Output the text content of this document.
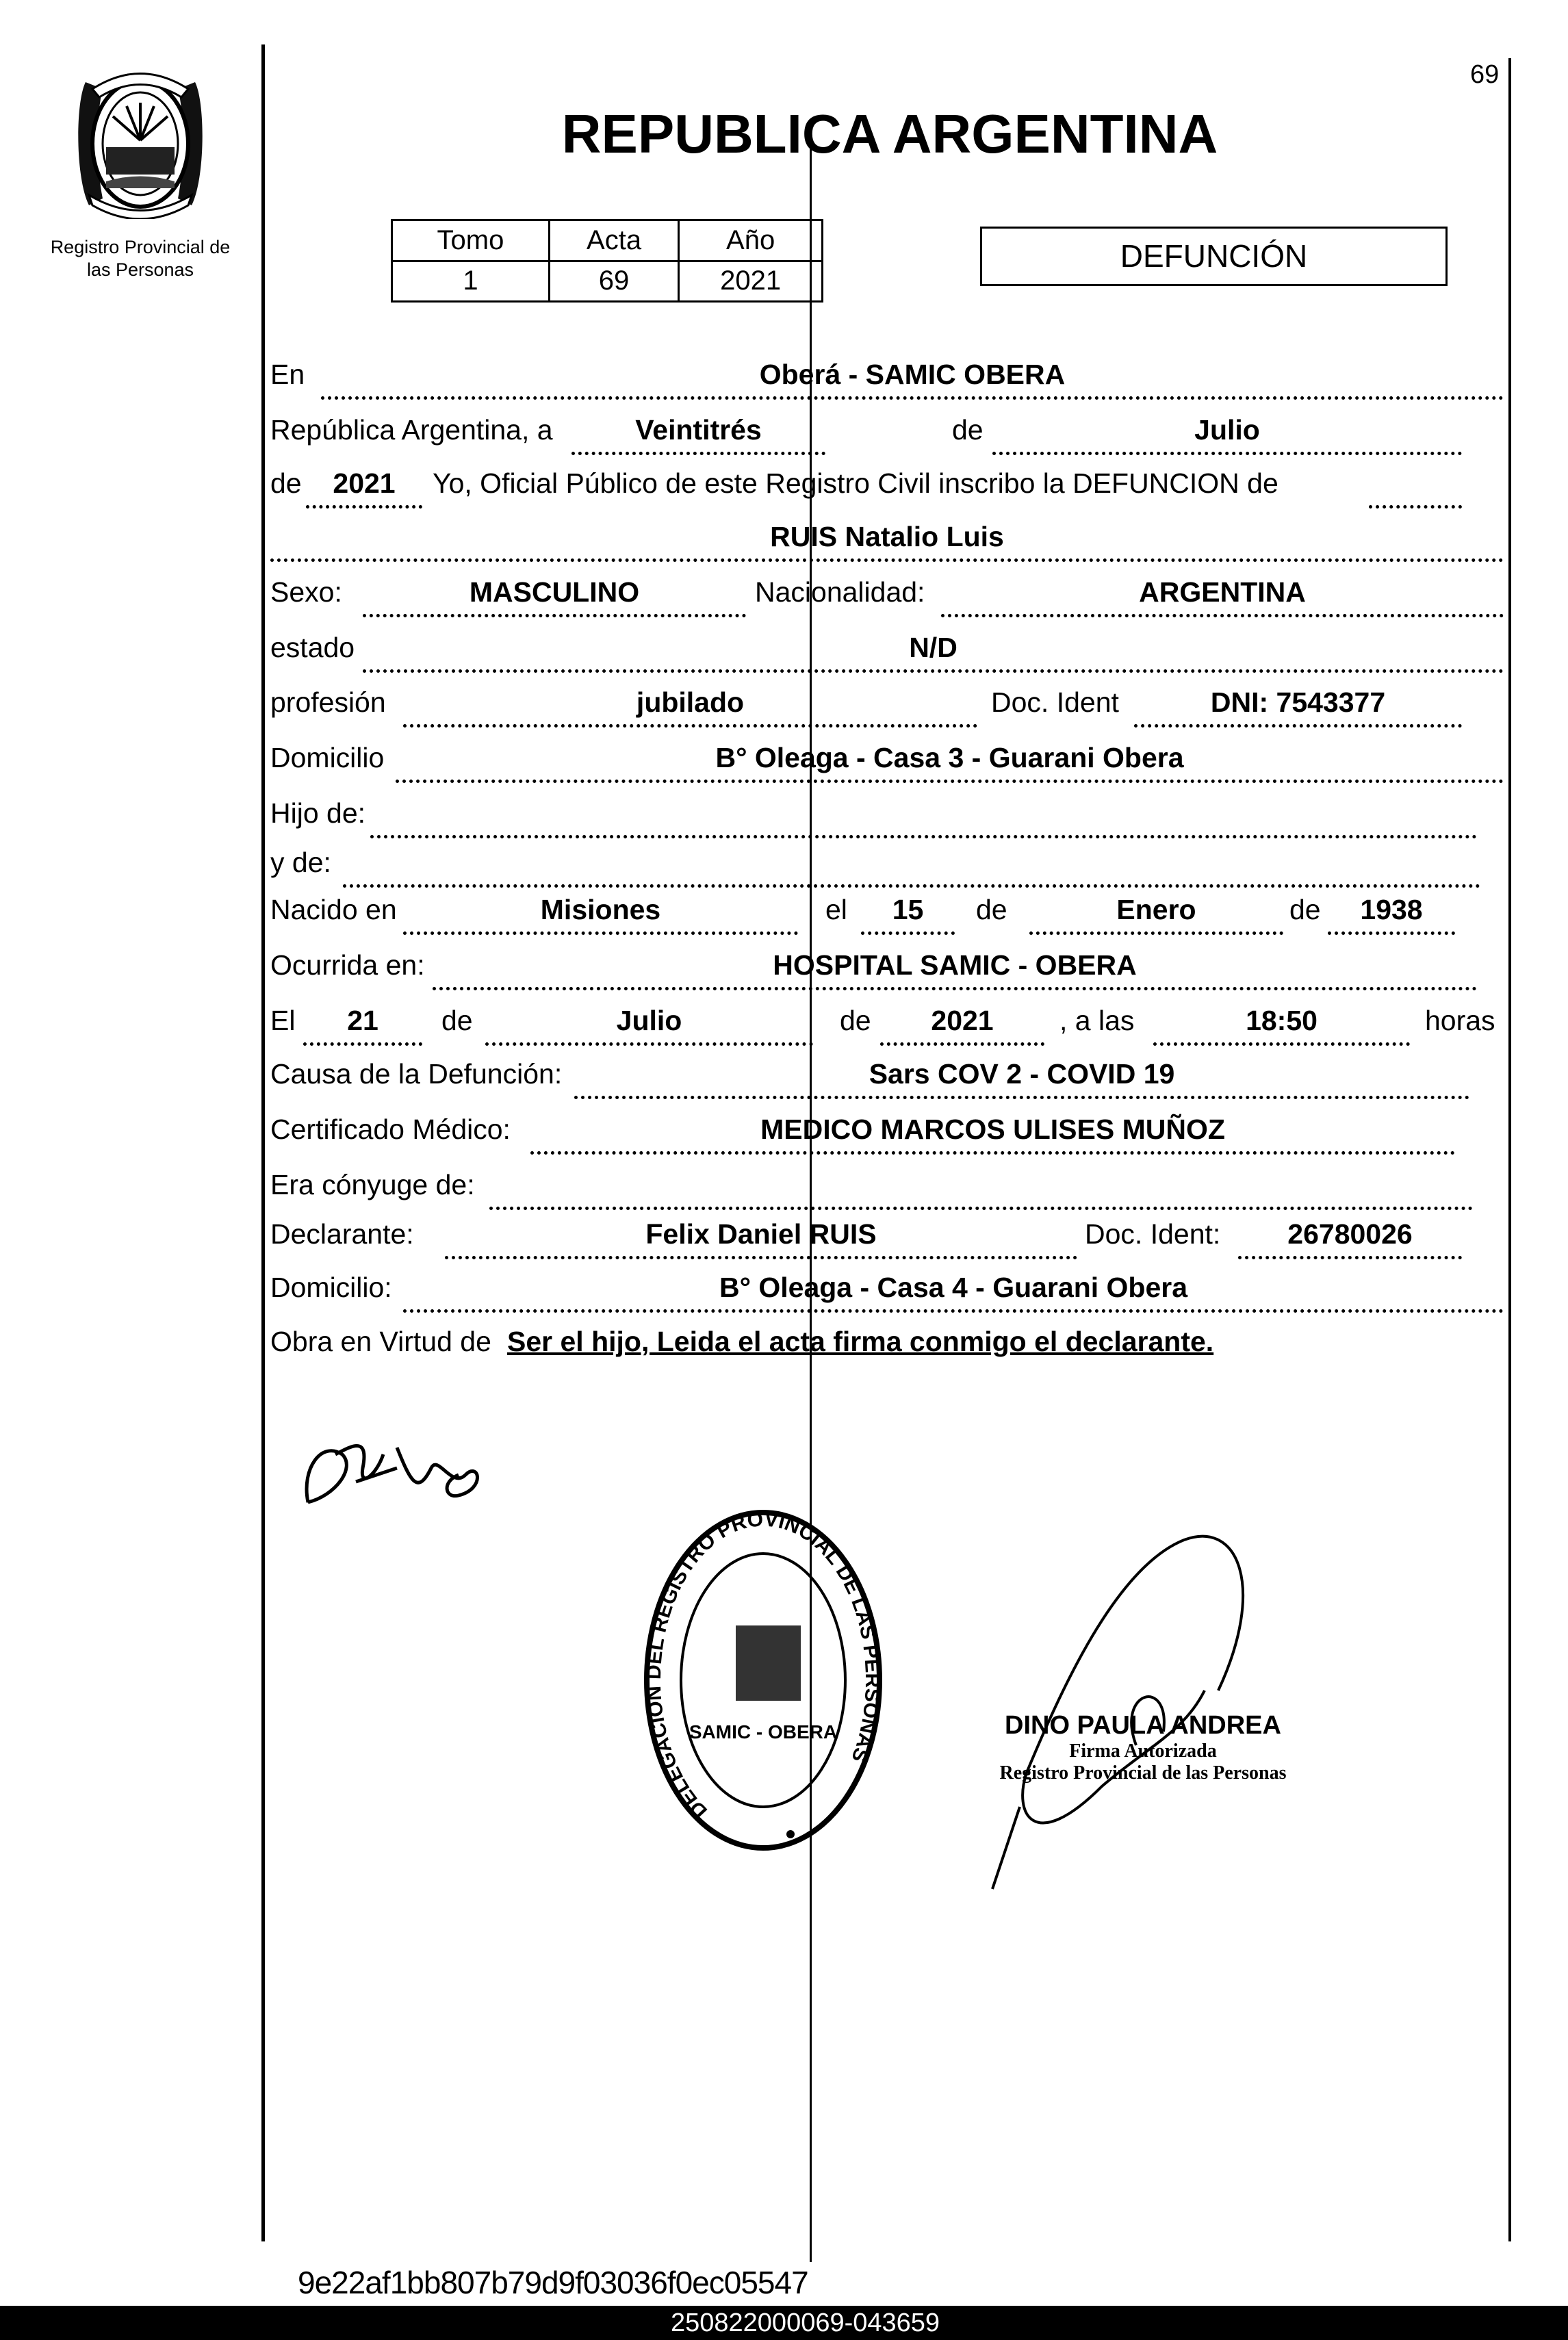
Registro Provincial de
las Personas
69
REPUBLICA ARGENTINA
Tomo	Acta	Año
1	69	2021
DEFUNCIÓN
En	Oberá - SAMIC OBERA
República Argentina, a	Veintitrés	de	Julio
de	2021	Yo, Oficial Público de este Registro Civil inscribo la DEFUNCION de
RUIS Natalio Luis
Sexo:	MASCULINO	Nacionalidad:	ARGENTINA
estado	N/D
profesión	jubilado	Doc. Ident	DNI: 7543377
Domicilio	B° Oleaga - Casa 3 - Guarani Obera
Hijo de:
y de:
Nacido en	Misiones	el	15	de	Enero	de	1938
Ocurrida en:	HOSPITAL SAMIC - OBERA
El	21	de	Julio	de	2021	, a las	18:50	horas
Causa de la Defunción:	Sars COV 2 - COVID 19
Certificado Médico:	MEDICO MARCOS ULISES MUÑOZ
Era cónyuge de:
Declarante:	Felix Daniel RUIS	Doc. Ident:	26780026
Domicilio:	B° Oleaga - Casa 4 - Guarani Obera
Obra en Virtud de Ser el hijo, Leida el acta firma conmigo el declarante.
DELEGACION DEL REGISTRO PROVINCIAL DE LAS PERSONAS
SAMIC - OBERA	DINO PAULA ANDREA
Firma Autorizada
Registro Provincial de las Personas
9e22af1bb807b79d9f03036f0ec05547
250822000069-043659
